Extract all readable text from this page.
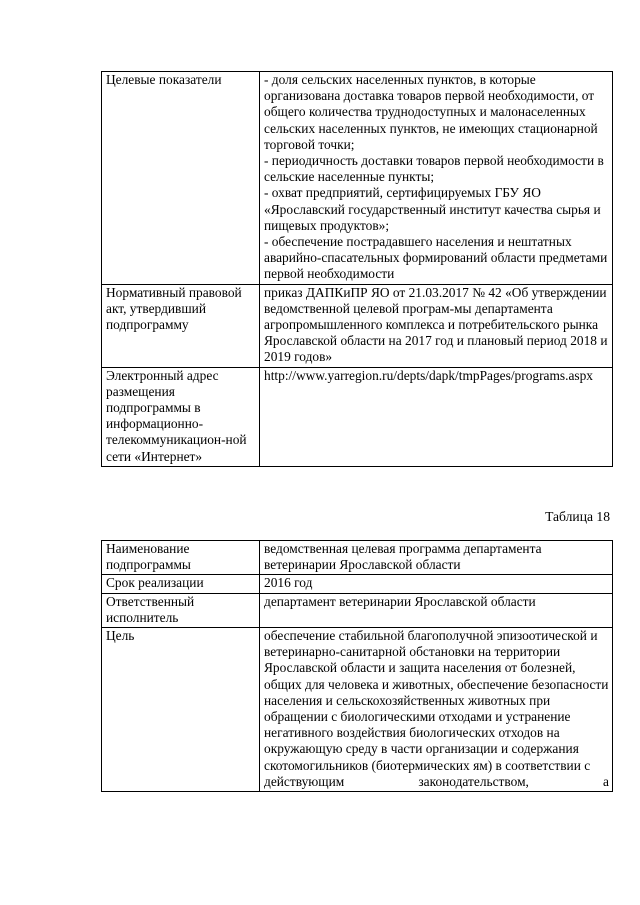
Целевые показатели	- доля сельских населенных пунктов, в которые организована доставка товаров первой необходимости, от общего количества труднодоступных и малонаселенных сельских населенных пунктов, не имеющих стационарной торговой точки;

- периодичность доставки товаров первой необходимости в сельские населенные пункты;

- охват предприятий, сертифицируемых ГБУ ЯО «Ярославский государственный институт качества сырья и пищевых продуктов»;

- обеспечение пострадавшего населения и нештатных аварийно-спасательных формирований области предметами первой необходимости

Нормативный правовой акт, утвердивший подпрограмму	приказ ДАПКиПР ЯО от 21.03.2017 № 42 «Об утверждении ведомственной целевой програм-мы департамента агропромышленного комплекса и потребительского рынка Ярославской области на 2017 год и плановый период 2018 и 2019 годов»
Электронный адрес размещения подпрограммы в информационно-телекоммуникацион-ной сети «Интернет»	http://www.yarregion.ru/depts/dapk/tmpPages/programs.aspx
Таблица 18
Наименование подпрограммы	ведомственная целевая программа департамента ветеринарии Ярославской области
Срок реализации	2016 год
Ответственный исполнитель	департамент ветеринарии Ярославской области
Цель	обеспечение стабильной благополучной эпизоотической и ветеринарно-санитарной обстановки на территории Ярославской области и защита населения от болезней, общих для человека и животных, обеспечение безопасности населения и сельскохозяйственных животных при обращении с биологическими отходами и устранение негативного воздействия биологических отходов на окружающую среду в части организации и содержания скотомогильников (биотермических ям) в соответствии с действующим законодательством, а
